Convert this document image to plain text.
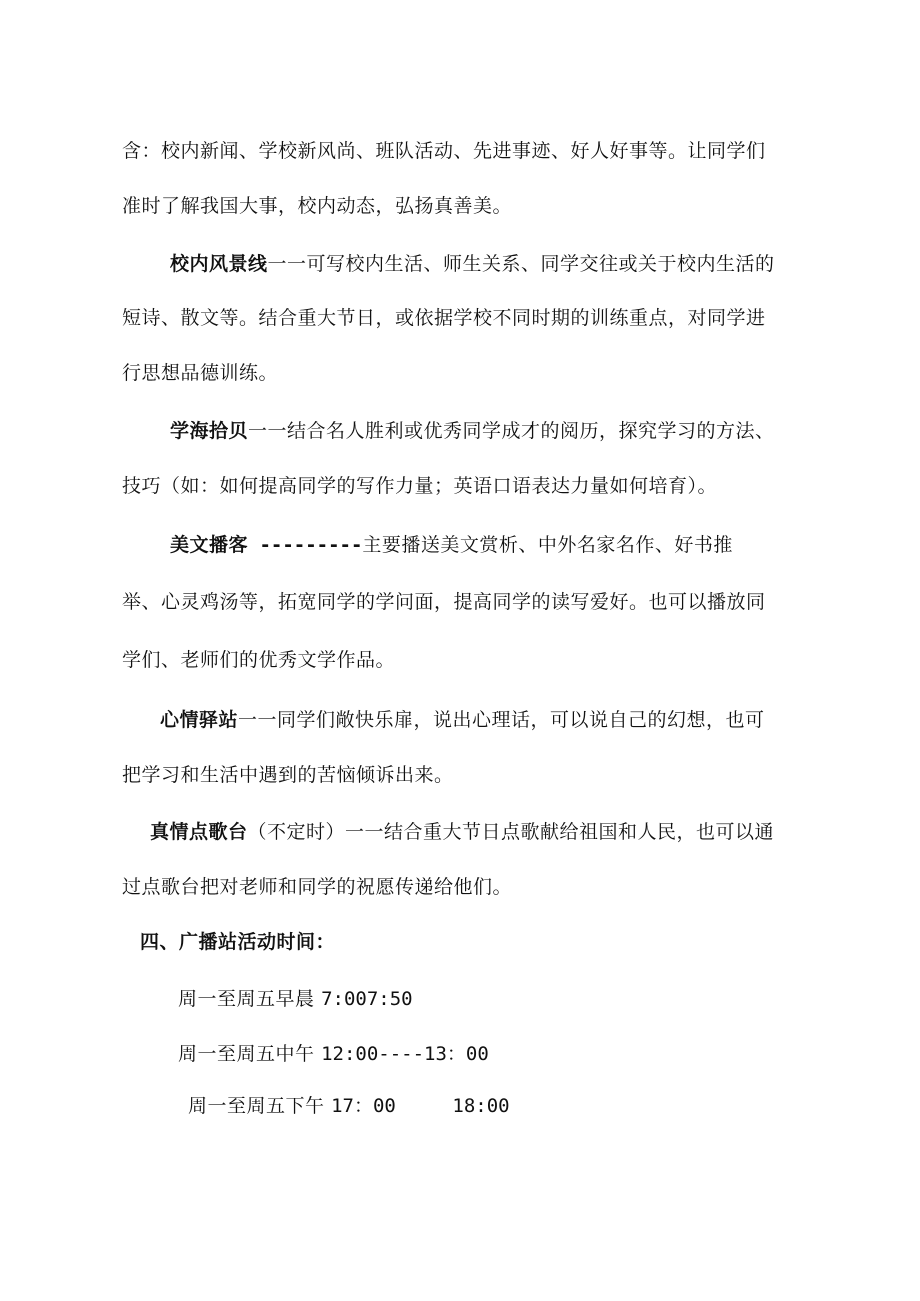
含：校内新闻、学校新风尚、班队活动、先进事迹、好人好事等。让同学们
准时了解我国大事，校内动态，弘扬真善美。
校内风景线一一可写校内生活、师生关系、同学交往或关于校内生活的
短诗、散文等。结合重大节日，或依据学校不同时期的训练重点，对同学进
行思想品德训练。
学海拾贝一一结合名人胜利或优秀同学成才的阅历，探究学习的方法、
技巧（如：如何提高同学的写作力量；英语口语表达力量如何培育）。
美文播客 ---------主要播送美文赏析、中外名家名作、好书推
举、心灵鸡汤等，拓宽同学的学问面，提高同学的读写爱好。也可以播放同
学们、老师们的优秀文学作品。
心情驿站一一同学们敞快乐扉，说出心理话，可以说自己的幻想，也可
把学习和生活中遇到的苦恼倾诉出来。
真情点歌台（不定时）一一结合重大节日点歌献给祖国和人民，也可以通
过点歌台把对老师和同学的祝愿传递给他们。
四、广播站活动时间：
周一至周五早晨 7:007:50
周一至周五中午 12:00----13：00
周一至周五下午 17：00	18:00
